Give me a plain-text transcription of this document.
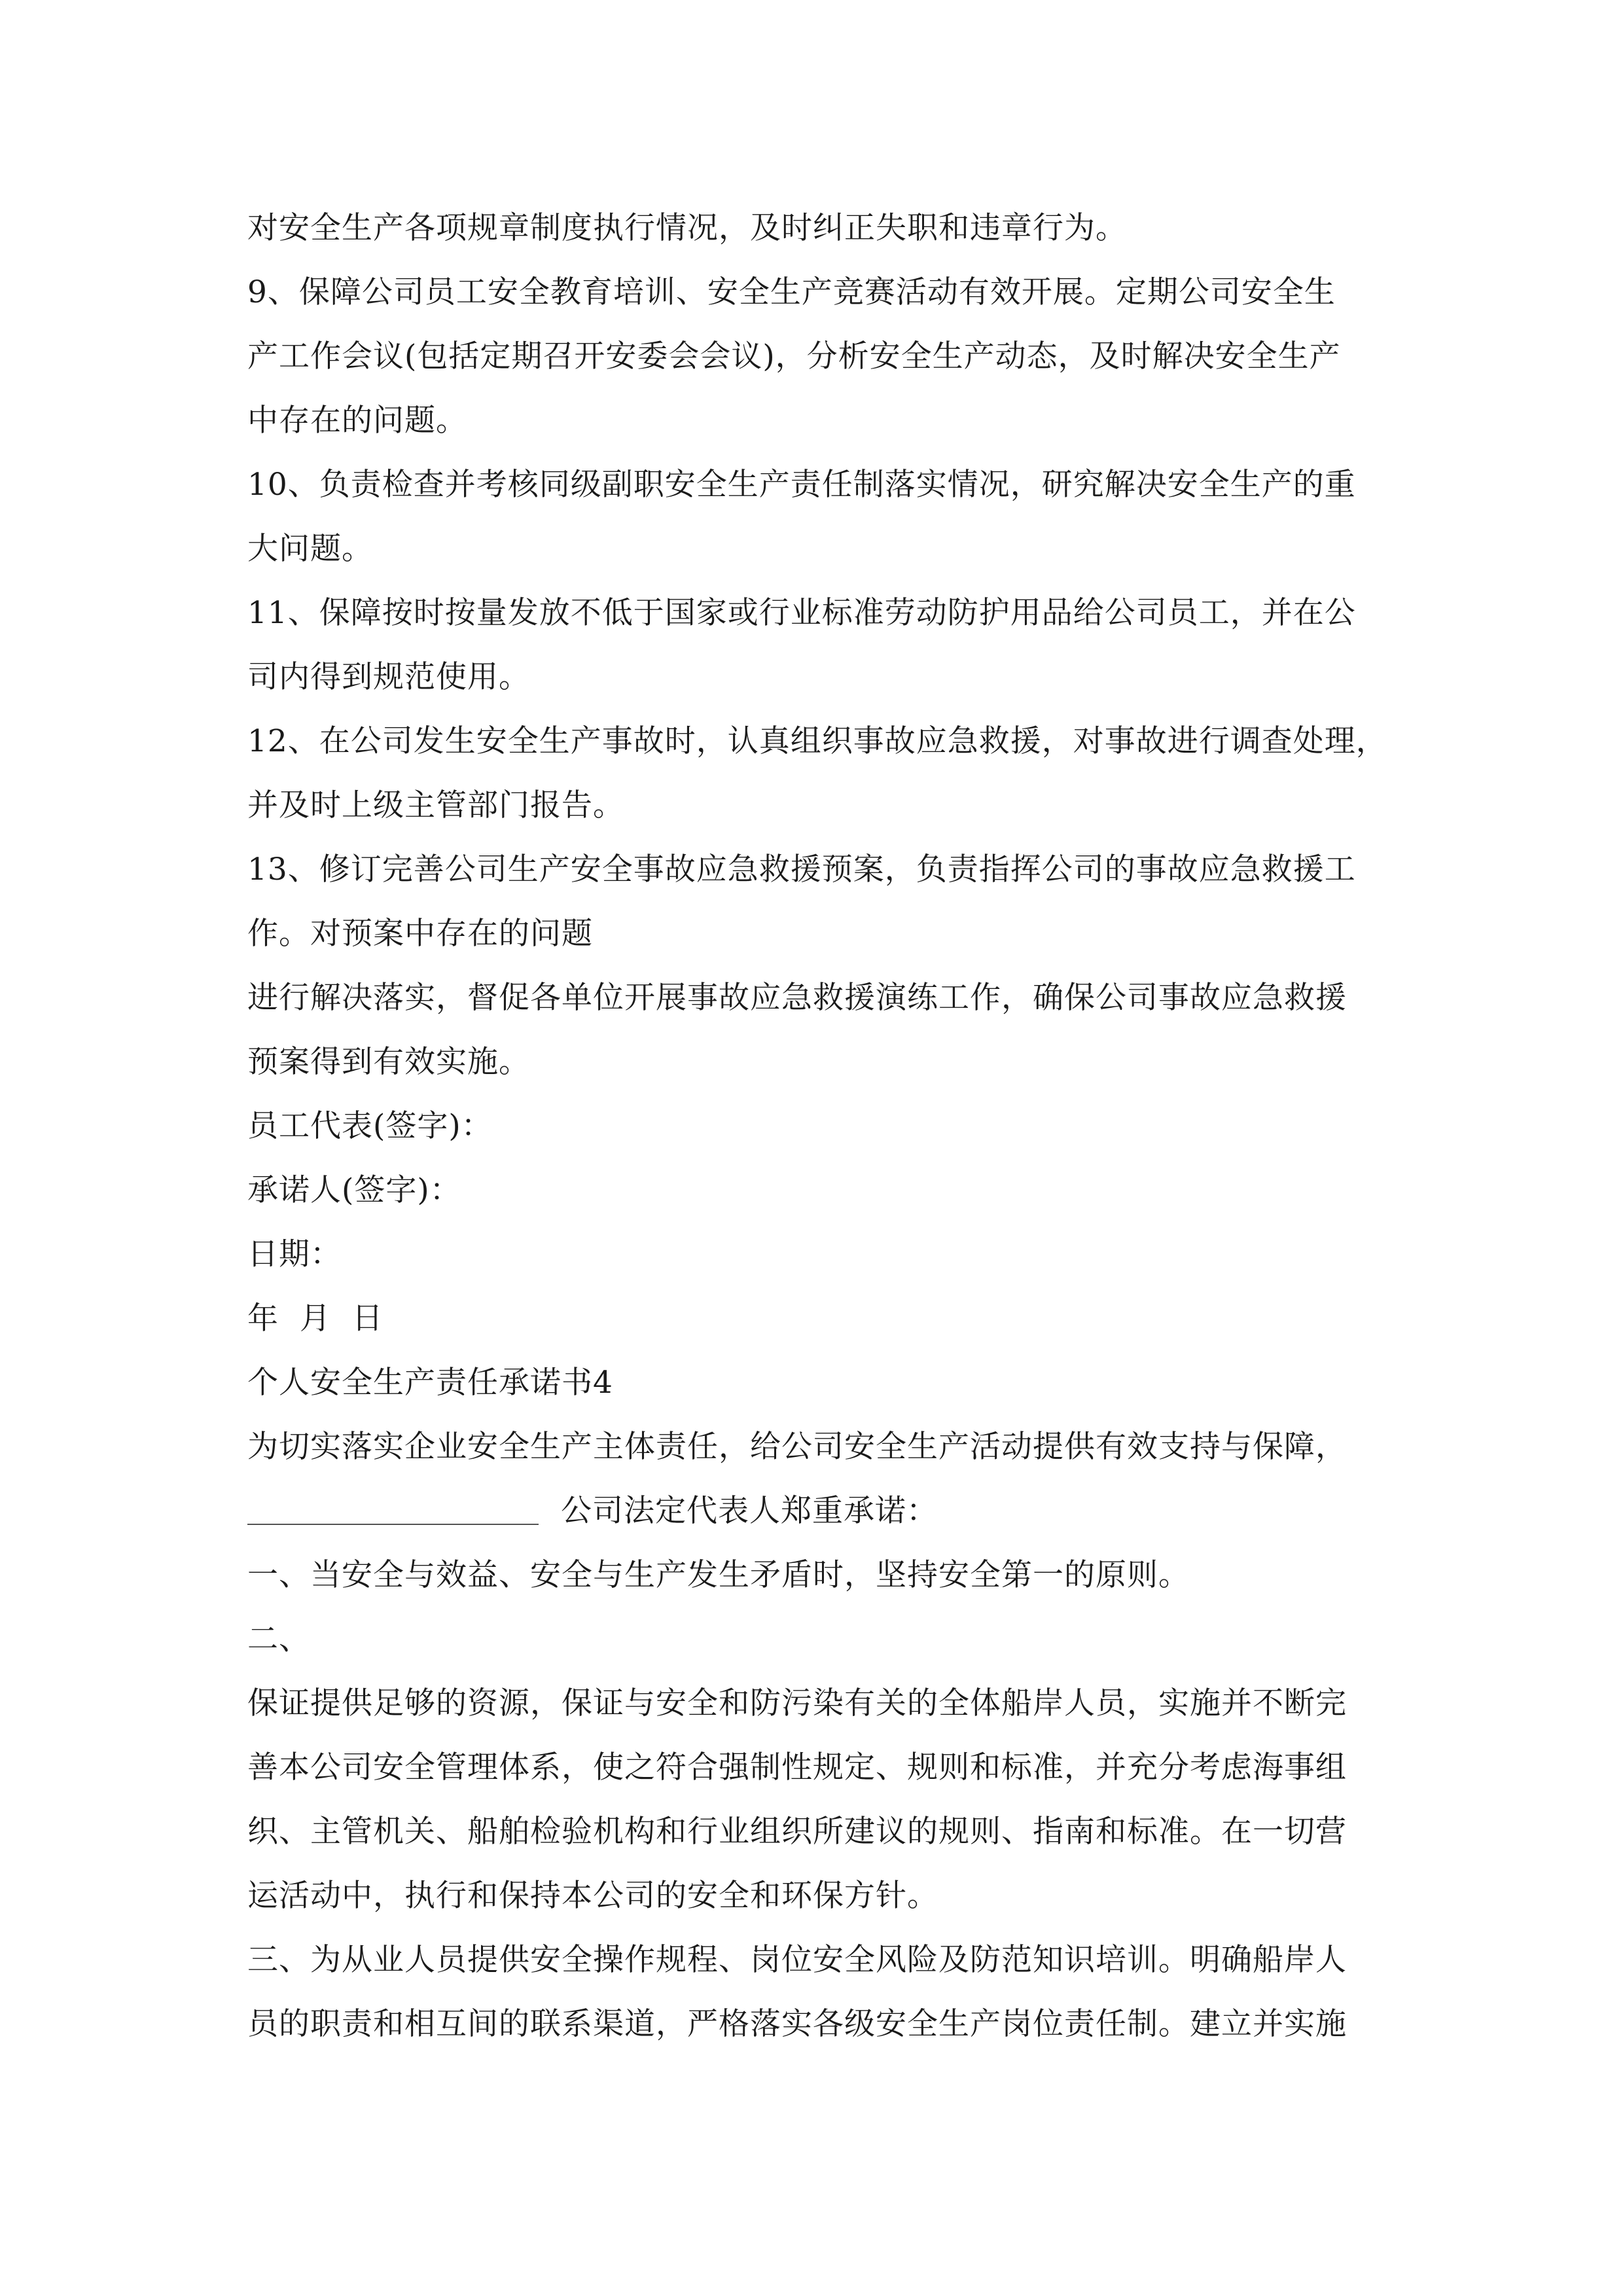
对安全生产各项规章制度执行情况，及时纠正失职和违章行为。

9、保障公司员工安全教育培训、安全生产竞赛活动有效开展。定期公司安全生

产工作会议(包括定期召开安委会会议)，分析安全生产动态，及时解决安全生产

中存在的问题。

10、负责检查并考核同级副职安全生产责任制落实情况，研究解决安全生产的重

大问题。

11、保障按时按量发放不低于国家或行业标准劳动防护用品给公司员工，并在公

司内得到规范使用。

12、在公司发生安全生产事故时，认真组织事故应急救援，对事故进行调查处理，

并及时上级主管部门报告。

13、修订完善公司生产安全事故应急救援预案，负责指挥公司的事故应急救援工

作。对预案中存在的问题

进行解决落实，督促各单位开展事故应急救援演练工作，确保公司事故应急救援

预案得到有效实施。

员工代表(签字)：

承诺人(签字)：

日期：

年  月  日

个人安全生产责任承诺书4

为切实落实企业安全生产主体责任，给公司安全生产活动提供有效支持与保障，

公司法定代表人郑重承诺：

一、当安全与效益、安全与生产发生矛盾时，坚持安全第一的原则。

二、

保证提供足够的资源，保证与安全和防污染有关的全体船岸人员，实施并不断完

善本公司安全管理体系，使之符合强制性规定、规则和标准，并充分考虑海事组

织、主管机关、船舶检验机构和行业组织所建议的规则、指南和标准。在一切营

运活动中，执行和保持本公司的安全和环保方针。

三、为从业人员提供安全操作规程、岗位安全风险及防范知识培训。明确船岸人

员的职责和相互间的联系渠道，严格落实各级安全生产岗位责任制。建立并实施
